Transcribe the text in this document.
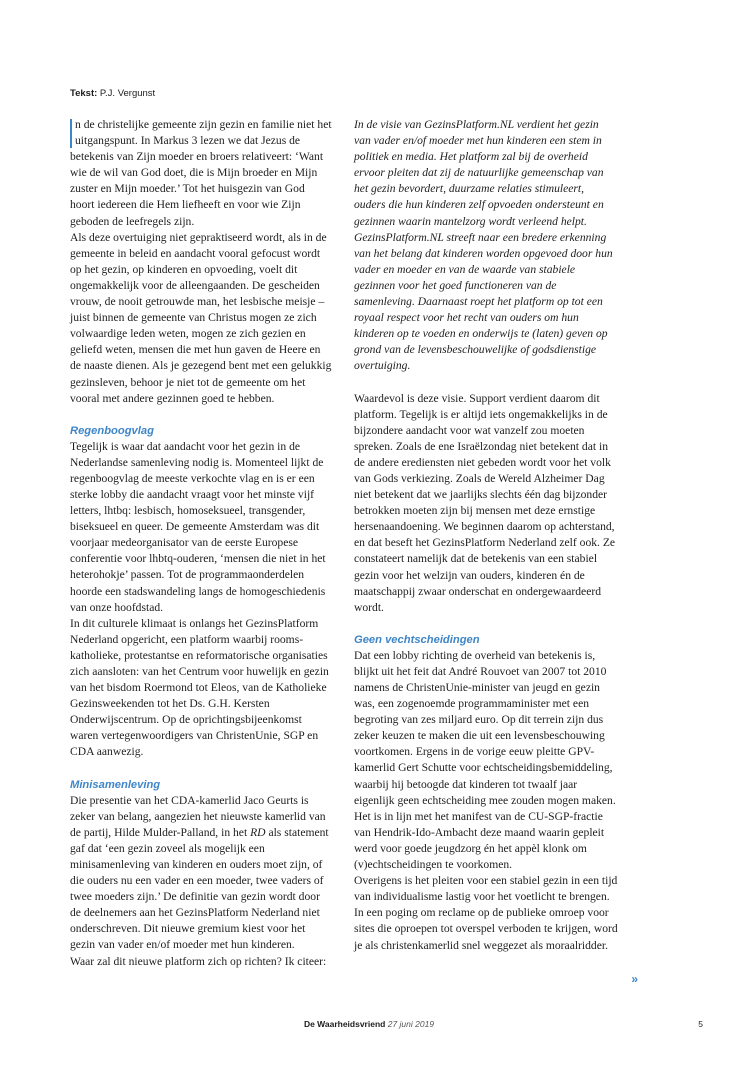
Tekst: P.J. Vergunst

n de christelijke gemeente zijn gezin en familie niet het uitgangspunt. In Markus 3 lezen we dat Jezus de betekenis van Zijn moeder en broers relativeert: ‘Want wie de wil van God doet, die is Mijn broeder en Mijn zuster en Mijn moeder.’ Tot het huisgezin van God hoort iedereen die Hem liefheeft en voor wie Zijn geboden de leefregels zijn.

Als deze overtuiging niet gepraktiseerd wordt, als in de gemeente in beleid en aandacht vooral gefocust wordt op het gezin, op kinderen en opvoeding, voelt dit ongemakkelijk voor de alleengaanden. De gescheiden vrouw, de nooit getrouwde man, het lesbische meisje – juist binnen de gemeente van Christus mogen ze zich volwaardige leden weten, mogen ze zich gezien en geliefd weten, mensen die met hun gaven de Heere en de naaste dienen. Als je gezegend bent met een gelukkig gezinsleven, behoor je niet tot de gemeente om het vooral met andere gezinnen goed te hebben.

Regenboogvlag

Tegelijk is waar dat aandacht voor het gezin in de Nederlandse samenleving nodig is. Momenteel lijkt de regenboogvlag de meeste verkochte vlag en is er een sterke lobby die aandacht vraagt voor het minste vijf letters, lhtbq: lesbisch, homoseksueel, transgender, biseksueel en queer. De gemeente Amsterdam was dit voorjaar medeorganisator van de eerste Europese conferentie voor lhbtq-ouderen, ‘mensen die niet in het heterohokje’ passen. Tot de programmaonderdelen hoorde een stadswandeling langs de homogeschiedenis van onze hoofdstad.

In dit culturele klimaat is onlangs het GezinsPlatform Nederland opgericht, een platform waarbij rooms-katholieke, protestantse en reformatorische organisaties zich aansloten: van het Centrum voor huwelijk en gezin van het bisdom Roermond tot Eleos, van de Katholieke Gezinsweekenden tot het Ds. G.H. Kersten Onderwijscentrum. Op de oprichtingsbijeenkomst waren vertegenwoordigers van ChristenUnie, SGP en CDA aanwezig.

Minisamenleving

Die presentie van het CDA-kamerlid Jaco Geurts is zeker van belang, aangezien het nieuwste kamerlid van de partij, Hilde Mulder-Palland, in het RD als statement gaf dat ‘een gezin zoveel als mogelijk een minisamenleving van kinderen en ouders moet zijn, of die ouders nu een vader en een moeder, twee vaders of twee moeders zijn.’ De definitie van gezin wordt door de deelnemers aan het GezinsPlatform Nederland niet onderschreven. Dit nieuwe gremium kiest voor het gezin van vader en/of moeder met hun kinderen.

Waar zal dit nieuwe platform zich op richten? Ik citeer:

In de visie van GezinsPlatform.NL verdient het gezin van vader en/of moeder met hun kinderen een stem in politiek en media. Het platform zal bij de overheid ervoor pleiten dat zij de natuurlijke gemeenschap van het gezin bevordert, duurzame relaties stimuleert, ouders die hun kinderen zelf opvoeden ondersteunt en gezinnen waarin mantelzorg wordt verleend helpt.

GezinsPlatform.NL streeft naar een bredere erkenning van het belang dat kinderen worden opgevoed door hun vader en moeder en van de waarde van stabiele gezinnen voor het goed functioneren van de samenleving. Daarnaast roept het platform op tot een royaal respect voor het recht van ouders om hun kinderen op te voeden en onderwijs te (laten) geven op grond van de levensbeschouwelijke of godsdienstige overtuiging.

Waardevol is deze visie. Support verdient daarom dit platform. Tegelijk is er altijd iets ongemakkelijks in de bijzondere aandacht voor wat vanzelf zou moeten spreken. Zoals de ene Israëlzondag niet betekent dat in de andere erediensten niet gebeden wordt voor het volk van Gods verkiezing. Zoals de Wereld Alzheimer Dag niet betekent dat we jaarlijks slechts één dag bijzonder betrokken moeten zijn bij mensen met deze ernstige hersenaandoening. We beginnen daarom op achterstand, en dat beseft het GezinsPlatform Nederland zelf ook. Ze constateert namelijk dat de betekenis van een stabiel gezin voor het welzijn van ouders, kinderen én de maatschappij zwaar onderschat en ondergewaardeerd wordt.

Geen vechtscheidingen

Dat een lobby richting de overheid van betekenis is, blijkt uit het feit dat André Rouvoet van 2007 tot 2010 namens de ChristenUnie-minister van jeugd en gezin was, een zogenoemde programmaminister met een begroting van zes miljard euro. Op dit terrein zijn dus zeker keuzen te maken die uit een levensbeschouwing voortkomen. Ergens in de vorige eeuw pleitte GPV-kamerlid Gert Schutte voor echtscheidingsbemiddeling, waarbij hij betoogde dat kinderen tot twaalf jaar eigenlijk geen echtscheiding mee zouden mogen maken. Het is in lijn met het manifest van de CU-SGP-fractie van Hendrik-Ido-Ambacht deze maand waarin gepleit werd voor goede jeugdzorg én het appèl klonk om (v)echtscheidingen te voorkomen.

Overigens is het pleiten voor een stabiel gezin in een tijd van individualisme lastig voor het voetlicht te brengen. In een poging om reclame op de publieke omroep voor sites die oproepen tot overspel verboden te krijgen, word je als christenkamerlid snel weggezet als moraalridder.

»
De Waarheidsvriend 27 juni 2019	5
